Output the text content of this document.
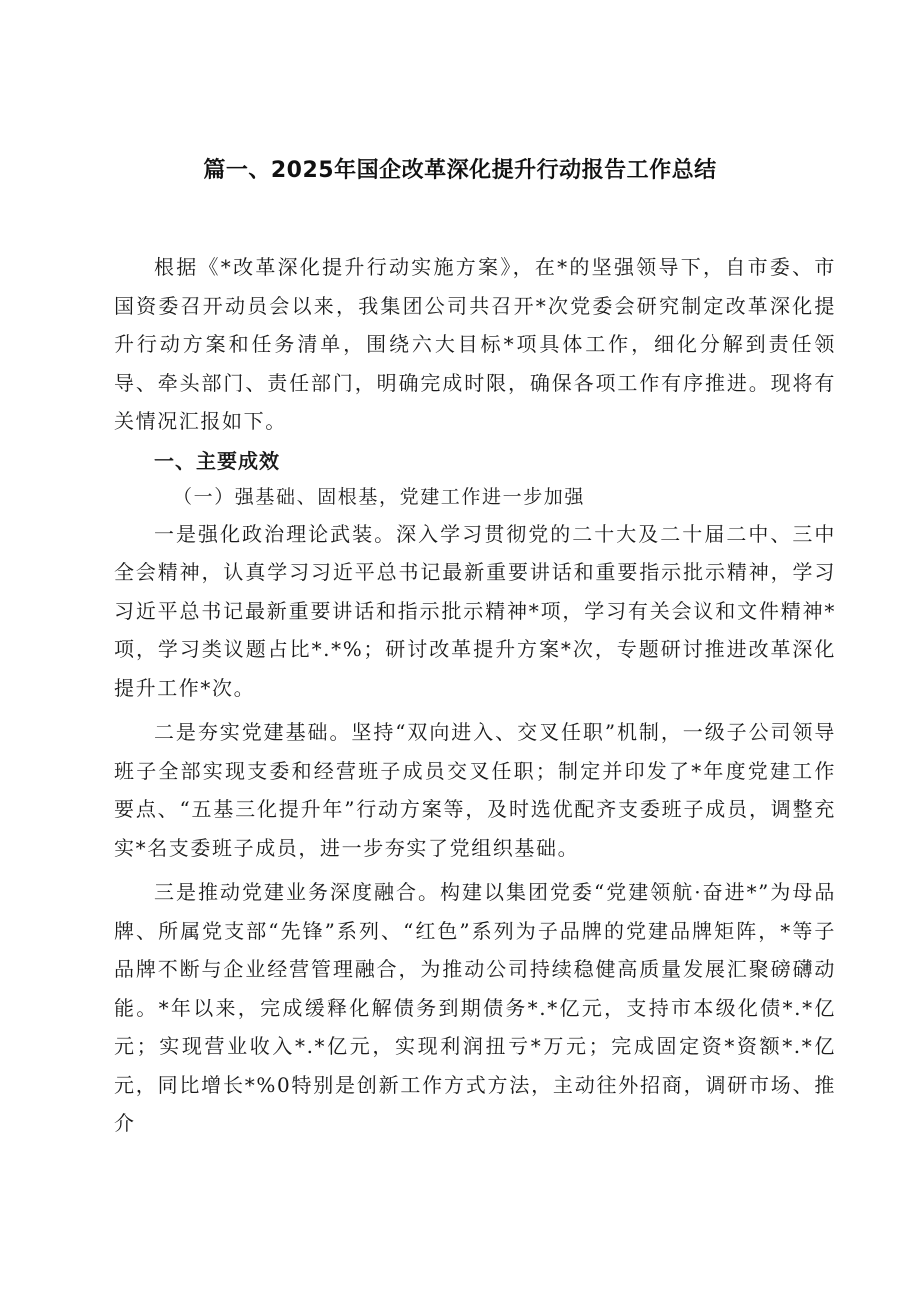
篇一、2025年国企改革深化提升行动报告工作总结

根据《*改革深化提升行动实施方案》，在*的坚强领导下，自市委、市国资委召开动员会以来，我集团公司共召开*次党委会研究制定改革深化提升行动方案和任务清单，围绕六大目标*项具体工作，细化分解到责任领导、牵头部门、责任部门，明确完成时限，确保各项工作有序推进。现将有关情况汇报如下。

一、主要成效

（一）强基础、固根基，党建工作进一步加强

一是强化政治理论武装。深入学习贯彻党的二十大及二十届二中、三中全会精神，认真学习习近平总书记最新重要讲话和重要指示批示精神，学习习近平总书记最新重要讲话和指示批示精神*项，学习有关会议和文件精神*项，学习类议题占比*.*%；研讨改革提升方案*次，专题研讨推进改革深化提升工作*次。

二是夯实党建基础。坚持“双向进入、交叉任职”机制，一级子公司领导班子全部实现支委和经营班子成员交叉任职；制定并印发了*年度党建工作要点、“五基三化提升年”行动方案等，及时选优配齐支委班子成员，调整充实*名支委班子成员，进一步夯实了党组织基础。

三是推动党建业务深度融合。构建以集团党委“党建领航·奋进*”为母品牌、所属党支部“先锋”系列、“红色”系列为子品牌的党建品牌矩阵，*等子品牌不断与企业经营管理融合，为推动公司持续稳健高质量发展汇聚磅礴动能。*年以来，完成缓释化解债务到期债务*.*亿元，支持市本级化债*.*亿元；实现营业收入*.*亿元，实现利润扭亏*万元；完成固定资*资额*.*亿元，同比增长*%0特别是创新工作方式方法，主动往外招商，调研市场、推介
